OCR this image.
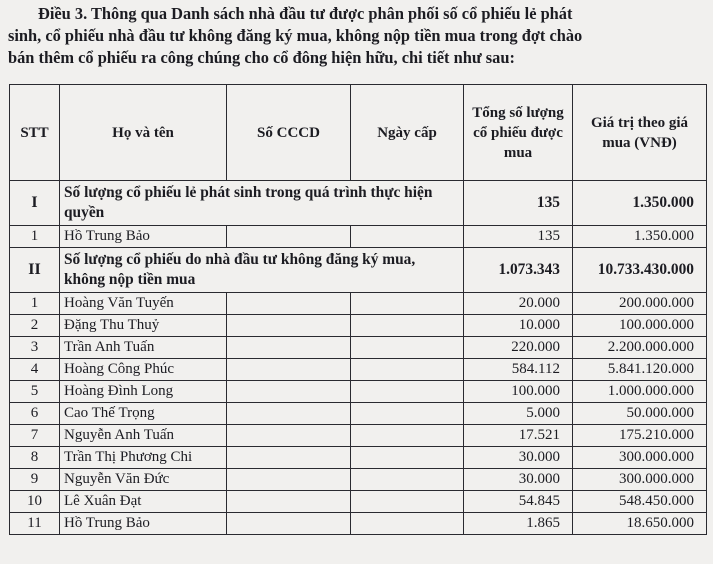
Điều 3. Thông qua Danh sách nhà đầu tư được phân phối số cổ phiếu lẻ phát
sinh, cổ phiếu nhà đầu tư không đăng ký mua, không nộp tiền mua trong đợt chào
bán thêm cổ phiếu ra công chúng cho cổ đông hiện hữu, chi tiết như sau:
STT	Họ và tên	Số CCCD	Ngày cấp	Tổng số lượng cổ phiếu được mua	Giá trị theo giá mua (VNĐ)
I	Số lượng cổ phiếu lẻ phát sinh trong quá trình thực hiện quyền			135	1.350.000
1	Hồ Trung Bảo			135	1.350.000
II	Số lượng cổ phiếu do nhà đầu tư không đăng ký mua, không nộp tiền mua			1.073.343	10.733.430.000
1	Hoàng Văn Tuyến			20.000	200.000.000
2	Đặng Thu Thuỷ			10.000	100.000.000
3	Trần Anh Tuấn			220.000	2.200.000.000
4	Hoàng Công Phúc			584.112	5.841.120.000
5	Hoàng Đình Long			100.000	1.000.000.000
6	Cao Thế Trọng			5.000	50.000.000
7	Nguyễn Anh Tuấn			17.521	175.210.000
8	Trần Thị Phương Chi			30.000	300.000.000
9	Nguyễn Văn Đức			30.000	300.000.000
10	Lê Xuân Đạt			54.845	548.450.000
11	Hồ Trung Bảo			1.865	18.650.000
